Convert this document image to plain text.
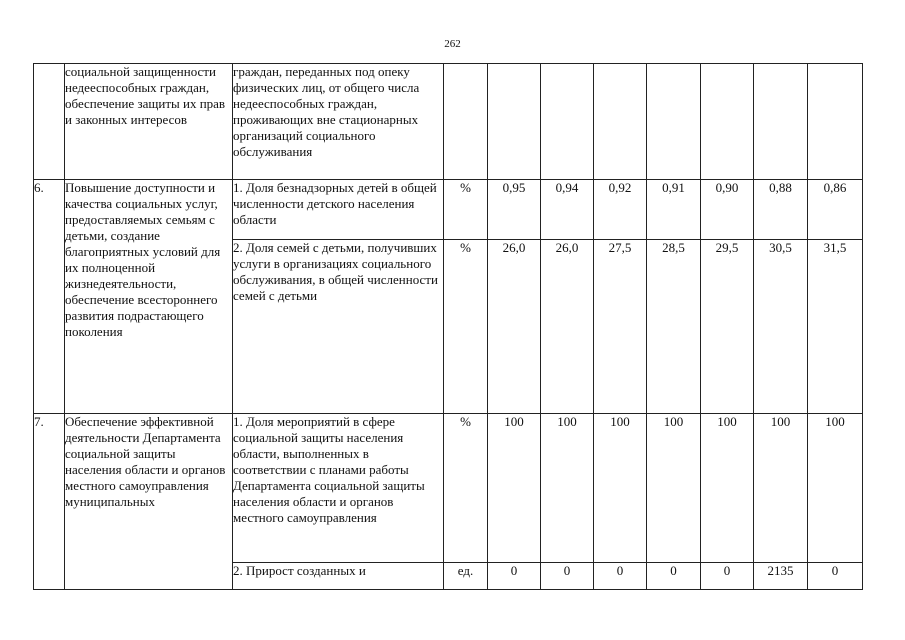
262
	социальной защищенности недееспособных граждан, обеспечение защиты их прав и законных интересов	граждан, переданных под опеку физических лиц, от общего числа недееспособных граждан, проживающих вне стационарных организаций социального обслуживания								
6.	Повышение доступности и качества социальных услуг, предоставляемых семьям с детьми, создание благоприятных условий для их полноценной жизнедеятельности, обеспечение всестороннего развития подрастающего поколения	1. Доля безнадзорных детей в общей численности детского населения области	%	0,95	0,94	0,92	0,91	0,90	0,88	0,86
		2. Доля семей с детьми, получивших услуги в организациях социального обслуживания, в общей численности семей с детьми	%	26,0	26,0	27,5	28,5	29,5	30,5	31,5
7.	Обеспечение эффективной деятельности Департамента социальной защиты населения области и органов местного самоуправления муниципальных	1. Доля мероприятий в сфере социальной защиты населения области, выполненных в соответствии с планами работы Департамента социальной защиты населения области и органов местного самоуправления	%	100	100	100	100	100	100	100
		2. Прирост созданных и	ед.	0	0	0	0	0	2135	0
